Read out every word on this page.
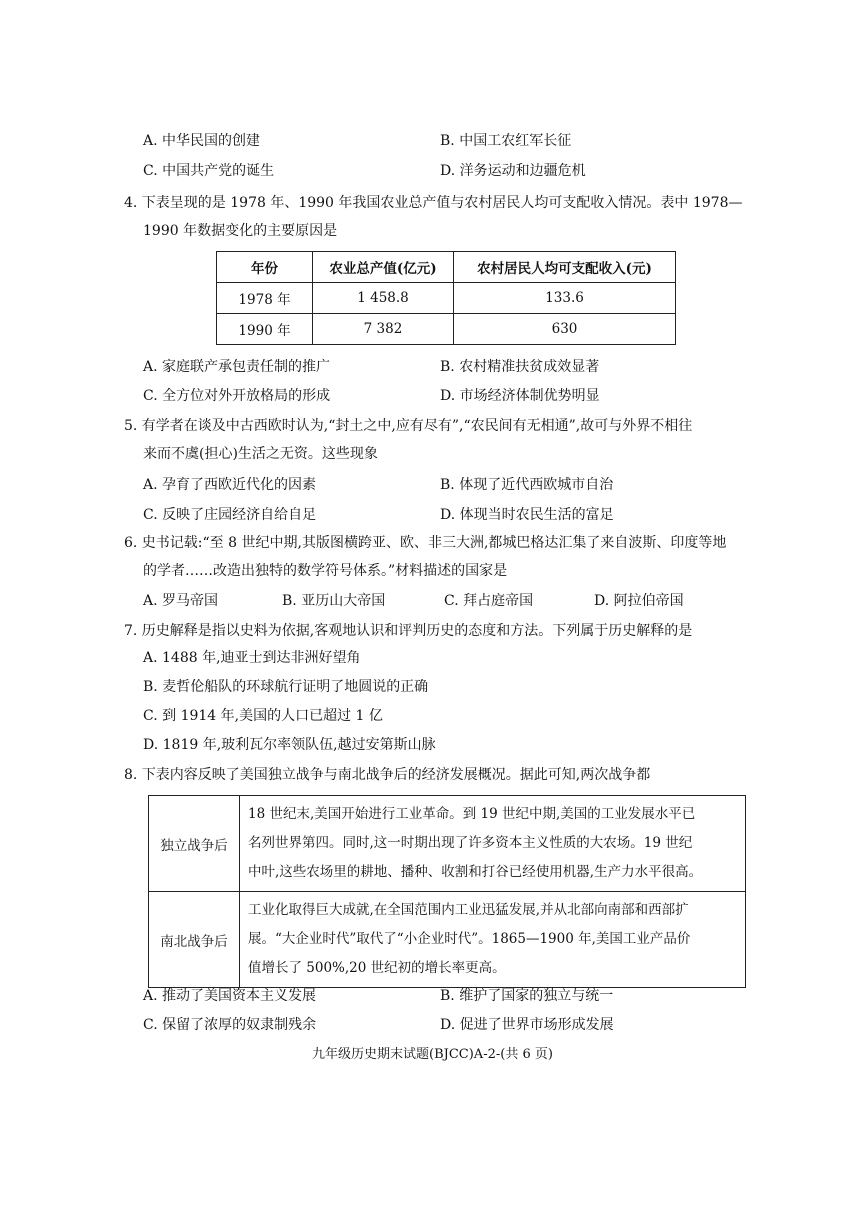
A. 中华民国的创建	B. 中国工农红军长征
C. 中国共产党的诞生	D. 洋务运动和边疆危机
4. 下表呈现的是 1978 年、1990 年我国农业总产值与农村居民人均可支配收入情况。表中 1978—
1990 年数据变化的主要原因是
年份	农业总产值(亿元)	农村居民人均可支配收入(元)
1978 年	1 458.8	133.6
1990 年	7 382	630
A. 家庭联产承包责任制的推广	B. 农村精准扶贫成效显著
C. 全方位对外开放格局的形成	D. 市场经济体制优势明显
5. 有学者在谈及中古西欧时认为,“封土之中,应有尽有”,“农民间有无相通”,故可与外界不相往
来而不虞(担心)生活之无资。这些现象
A. 孕育了西欧近代化的因素	B. 体现了近代西欧城市自治
C. 反映了庄园经济自给自足	D. 体现当时农民生活的富足
6. 史书记载:“至 8 世纪中期,其版图横跨亚、欧、非三大洲,都城巴格达汇集了来自波斯、印度等地
的学者……改造出独特的数学符号体系。”材料描述的国家是
A. 罗马帝国	B. 亚历山大帝国	C. 拜占庭帝国	D. 阿拉伯帝国
7. 历史解释是指以史料为依据,客观地认识和评判历史的态度和方法。下列属于历史解释的是
A. 1488 年,迪亚士到达非洲好望角
B. 麦哲伦船队的环球航行证明了地圆说的正确
C. 到 1914 年,美国的人口已超过 1 亿
D. 1819 年,玻利瓦尔率领队伍,越过安第斯山脉
8. 下表内容反映了美国独立战争与南北战争后的经济发展概况。据此可知,两次战争都
独立战争后	18 世纪末,美国开始进行工业革命。到 19 世纪中期,美国的工业发展水平已
名列世界第四。同时,这一时期出现了许多资本主义性质的大农场。19 世纪
中叶,这些农场里的耕地、播种、收割和打谷已经使用机器,生产力水平很高。

南北战争后	工业化取得巨大成就,在全国范围内工业迅猛发展,并从北部向南部和西部扩
展。“大企业时代”取代了“小企业时代”。1865—1900 年,美国工业产品价
值增长了 500%,20 世纪初的增长率更高。
A. 推动了美国资本主义发展	B. 维护了国家的独立与统一
C. 保留了浓厚的奴隶制残余	D. 促进了世界市场形成发展
九年级历史期末试题(BJCC)A-2-(共 6 页)
